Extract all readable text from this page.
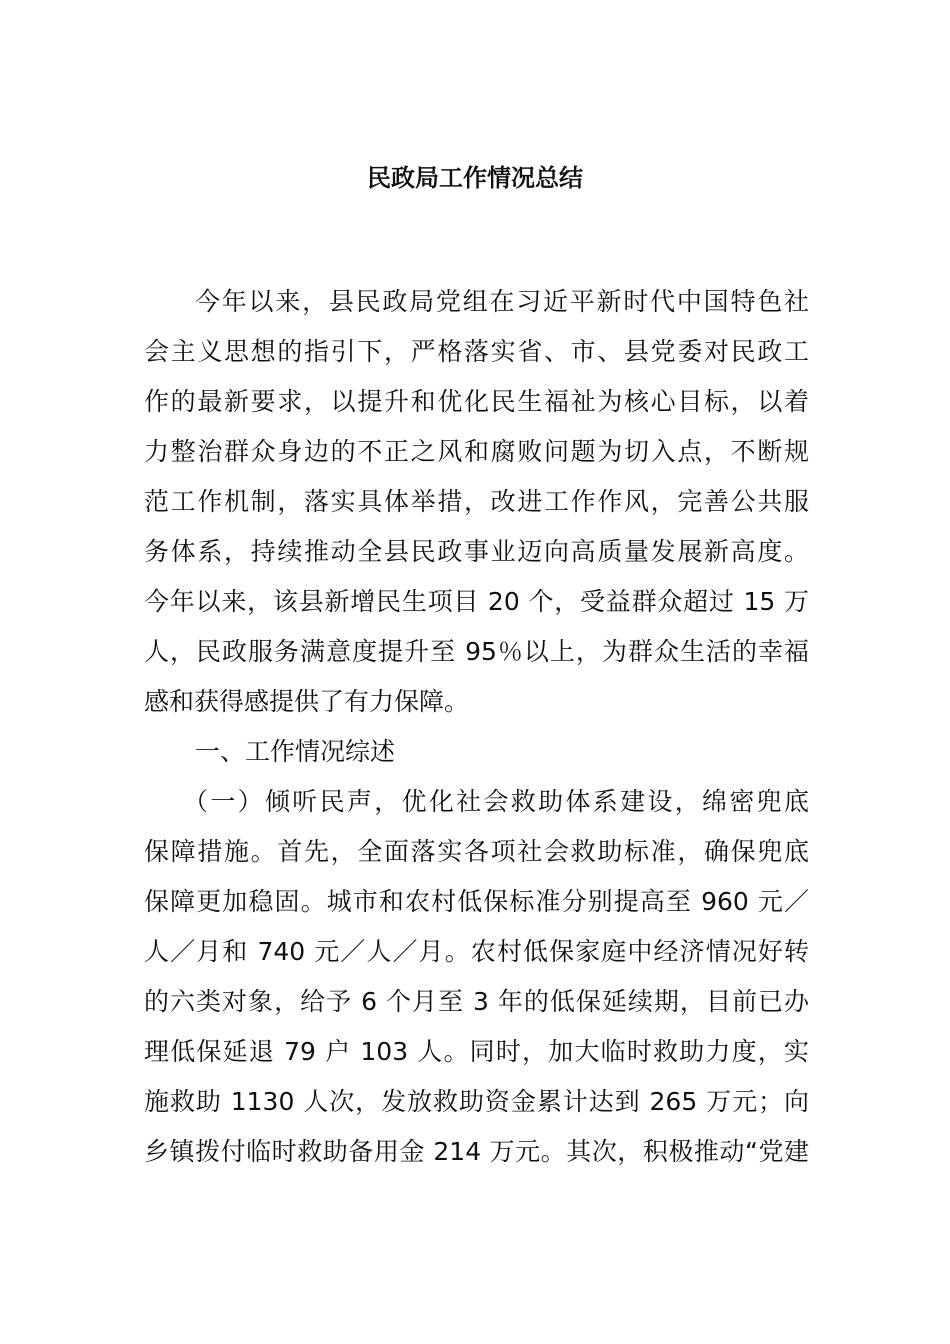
民政局工作情况总结
今年以来，县民政局党组在习近平新时代中国特色社
会主义思想的指引下，严格落实省、市、县党委对民政工
作的最新要求，以提升和优化民生福祉为核心目标，以着
力整治群众身边的不正之风和腐败问题为切入点，不断规
范工作机制，落实具体举措，改进工作作风，完善公共服
务体系，持续推动全县民政事业迈向高质量发展新高度。
今年以来，该县新增民生项目 20 个，受益群众超过 15 万
人，民政服务满意度提升至 95％以上，为群众生活的幸福
感和获得感提供了有力保障。
一、工作情况综述
（一）倾听民声，优化社会救助体系建设，绵密兜底
保障措施。首先，全面落实各项社会救助标准，确保兜底
保障更加稳固。城市和农村低保标准分别提高至 960 元／
人／月和 740 元／人／月。农村低保家庭中经济情况好转
的六类对象，给予 6 个月至 3 年的低保延续期，目前已办
理低保延退 79 户 103 人。同时，加大临时救助力度，实
施救助 1130 人次，发放救助资金累计达到 265 万元；向
乡镇拨付临时救助备用金 214 万元。其次，积极推动“党建
